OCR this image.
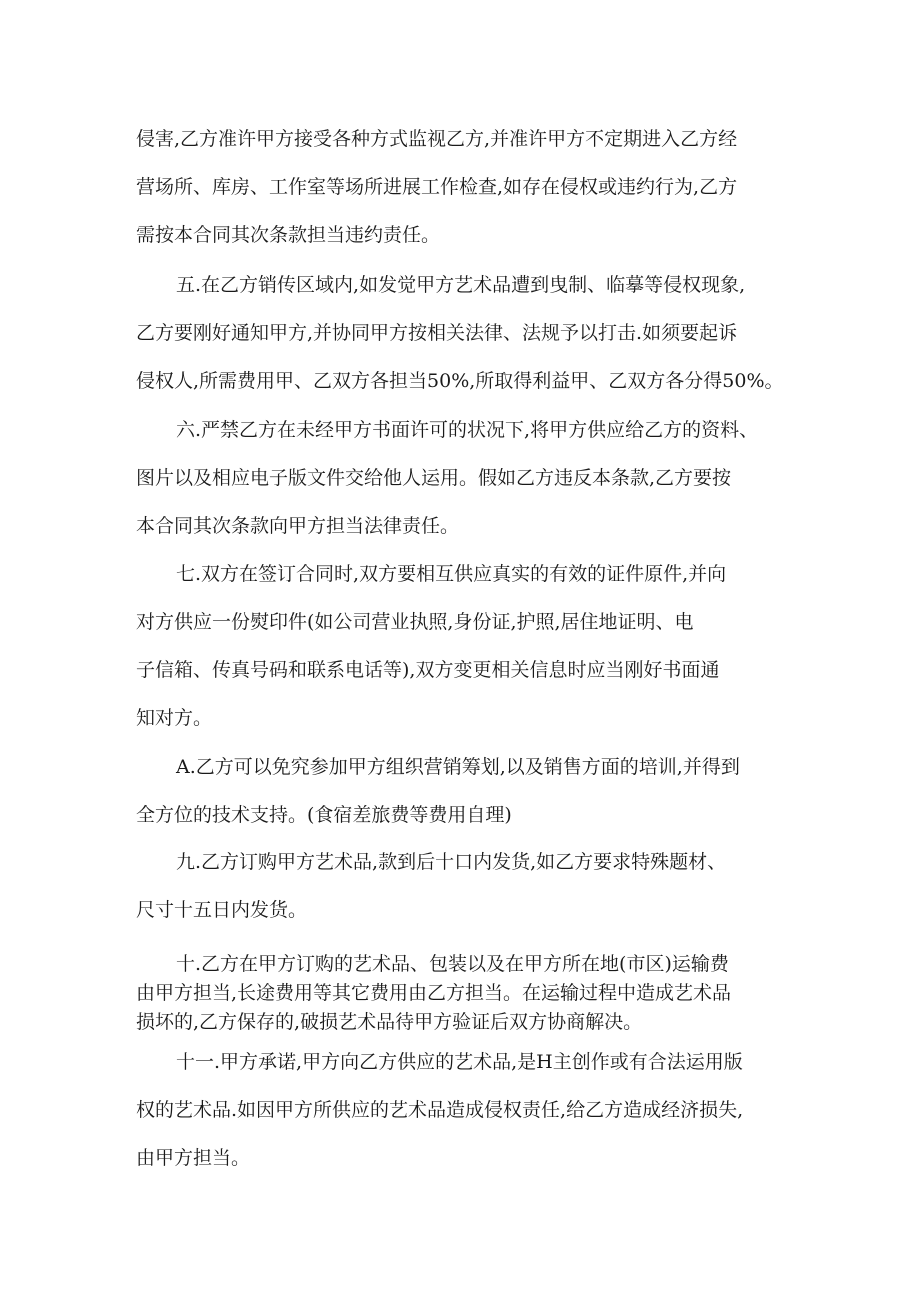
侵害,乙方准许甲方接受各种方式监视乙方,并准许甲方不定期进入乙方经
营场所、库房、工作室等场所进展工作检查,如存在侵权或违约行为,乙方
需按本合同其次条款担当违约责任。
五.在乙方销传区域内,如发觉甲方艺术品遭到曳制、临摹等侵权现象,
乙方要刚好通知甲方,并协同甲方按相关法律、法规予以打击.如须要起诉
侵权人,所需费用甲、乙双方各担当50%,所取得利益甲、乙双方各分得50%。
六.严禁乙方在未经甲方书面许可的状况下,将甲方供应给乙方的资料、
图片以及相应电子版文件交给他人运用。假如乙方违反本条款,乙方要按
本合同其次条款向甲方担当法律责任。
七.双方在签订合同时,双方要相互供应真实的有效的证件原件,并向
对方供应一份熨印件(如公司营业执照,身份证,护照,居住地证明、电
子信箱、传真号码和联系电话等),双方变更相关信息时应当刚好书面通
知对方。
A.乙方可以免究参加甲方组织营销筹划,以及销售方面的培训,并得到
全方位的技术支持。(食宿差旅费等费用自理)
九.乙方订购甲方艺术品,款到后十口内发货,如乙方要求特殊题材、
尺寸十五日内发货。
十.乙方在甲方订购的艺术品、包装以及在甲方所在地(市区)运输费
由甲方担当,长途费用等其它费用由乙方担当。在运输过程中造成艺术品
损坏的,乙方保存的,破损艺术品待甲方验证后双方协商解决。
十一.甲方承诺,甲方向乙方供应的艺术品,是H主创作或有合法运用版
权的艺术品.如因甲方所供应的艺术品造成侵权责任,给乙方造成经济损失,
由甲方担当。
